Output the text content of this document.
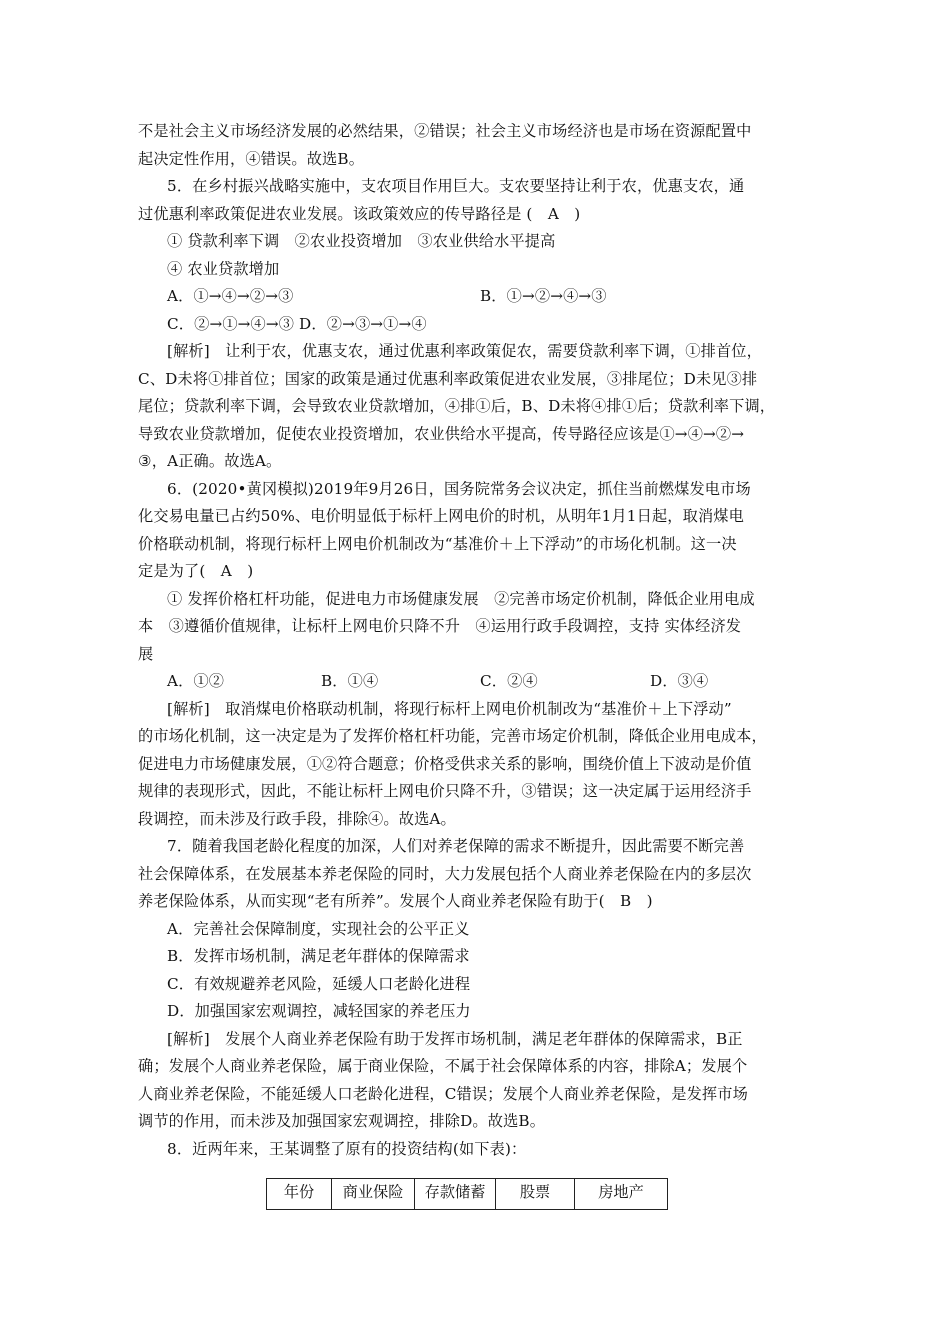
不是社会主义市场经济发展的必然结果，②错误；社会主义市场经济也是市场在资源配置中
起决定性作用，④错误。故选B。
5．在乡村振兴战略实施中，支农项目作用巨大。支农要坚持让利于农，优惠支农，通
过优惠利率政策促进农业发展。该政策效应的传导路径是 (　A　)
① 贷款利率下调　②农业投资增加　③农业供给水平提高
④ 农业贷款增加
A．①→④→②→③	B．①→②→④→③
C．②→①→④→③ D．②→③→①→④
[解析]　让利于农，优惠支农，通过优惠利率政策促农，需要贷款利率下调，①排首位，
C、D未将①排首位；国家的政策是通过优惠利率政策促进农业发展，③排尾位；D未见③排
尾位；贷款利率下调，会导致农业贷款增加，④排①后，B、D未将④排①后；贷款利率下调，
导致农业贷款增加，促使农业投资增加，农业供给水平提高，传导路径应该是①→④→②→
③，A正确。故选A。
6．(2020•黄冈模拟)2019年9月26日，国务院常务会议决定，抓住当前燃煤发电市场
化交易电量已占约50%、电价明显低于标杆上网电价的时机，从明年1月1日起，取消煤电
价格联动机制，将现行标杆上网电价机制改为“基准价＋上下浮动”的市场化机制。这一决
定是为了(　A　)
① 发挥价格杠杆功能，促进电力市场健康发展　②完善市场定价机制，降低企业用电成
本　③遵循价值规律，让标杆上网电价只降不升　④运用行政手段调控，支持 实体经济发
展
A．①②	B．①④	C．②④	D．③④
[解析]　取消煤电价格联动机制，将现行标杆上网电价机制改为“基准价＋上下浮动”
的市场化机制，这一决定是为了发挥价格杠杆功能，完善市场定价机制，降低企业用电成本，
促进电力市场健康发展，①②符合题意；价格受供求关系的影响，围绕价值上下波动是价值
规律的表现形式，因此，不能让标杆上网电价只降不升，③错误；这一决定属于运用经济手
段调控，而未涉及行政手段，排除④。故选A。
7．随着我国老龄化程度的加深，人们对养老保障的需求不断提升，因此需要不断完善
社会保障体系，在发展基本养老保险的同时，大力发展包括个人商业养老保险在内的多层次
养老保险体系，从而实现“老有所养”。发展个人商业养老保险有助于(　B　)
A．完善社会保障制度，实现社会的公平正义
B．发挥市场机制，满足老年群体的保障需求
C．有效规避养老风险，延缓人口老龄化进程
D．加强国家宏观调控，减轻国家的养老压力
[解析]　发展个人商业养老保险有助于发挥市场机制，满足老年群体的保障需求，B正
确；发展个人商业养老保险，属于商业保险，不属于社会保障体系的内容，排除A；发展个
人商业养老保险，不能延缓人口老龄化进程，C错误；发展个人商业养老保险，是发挥市场
调节的作用，而未涉及加强国家宏观调控，排除D。故选B。
8．近两年来，王某调整了原有的投资结构(如下表)：
年份	商业保险	存款储蓄	股票	房地产
